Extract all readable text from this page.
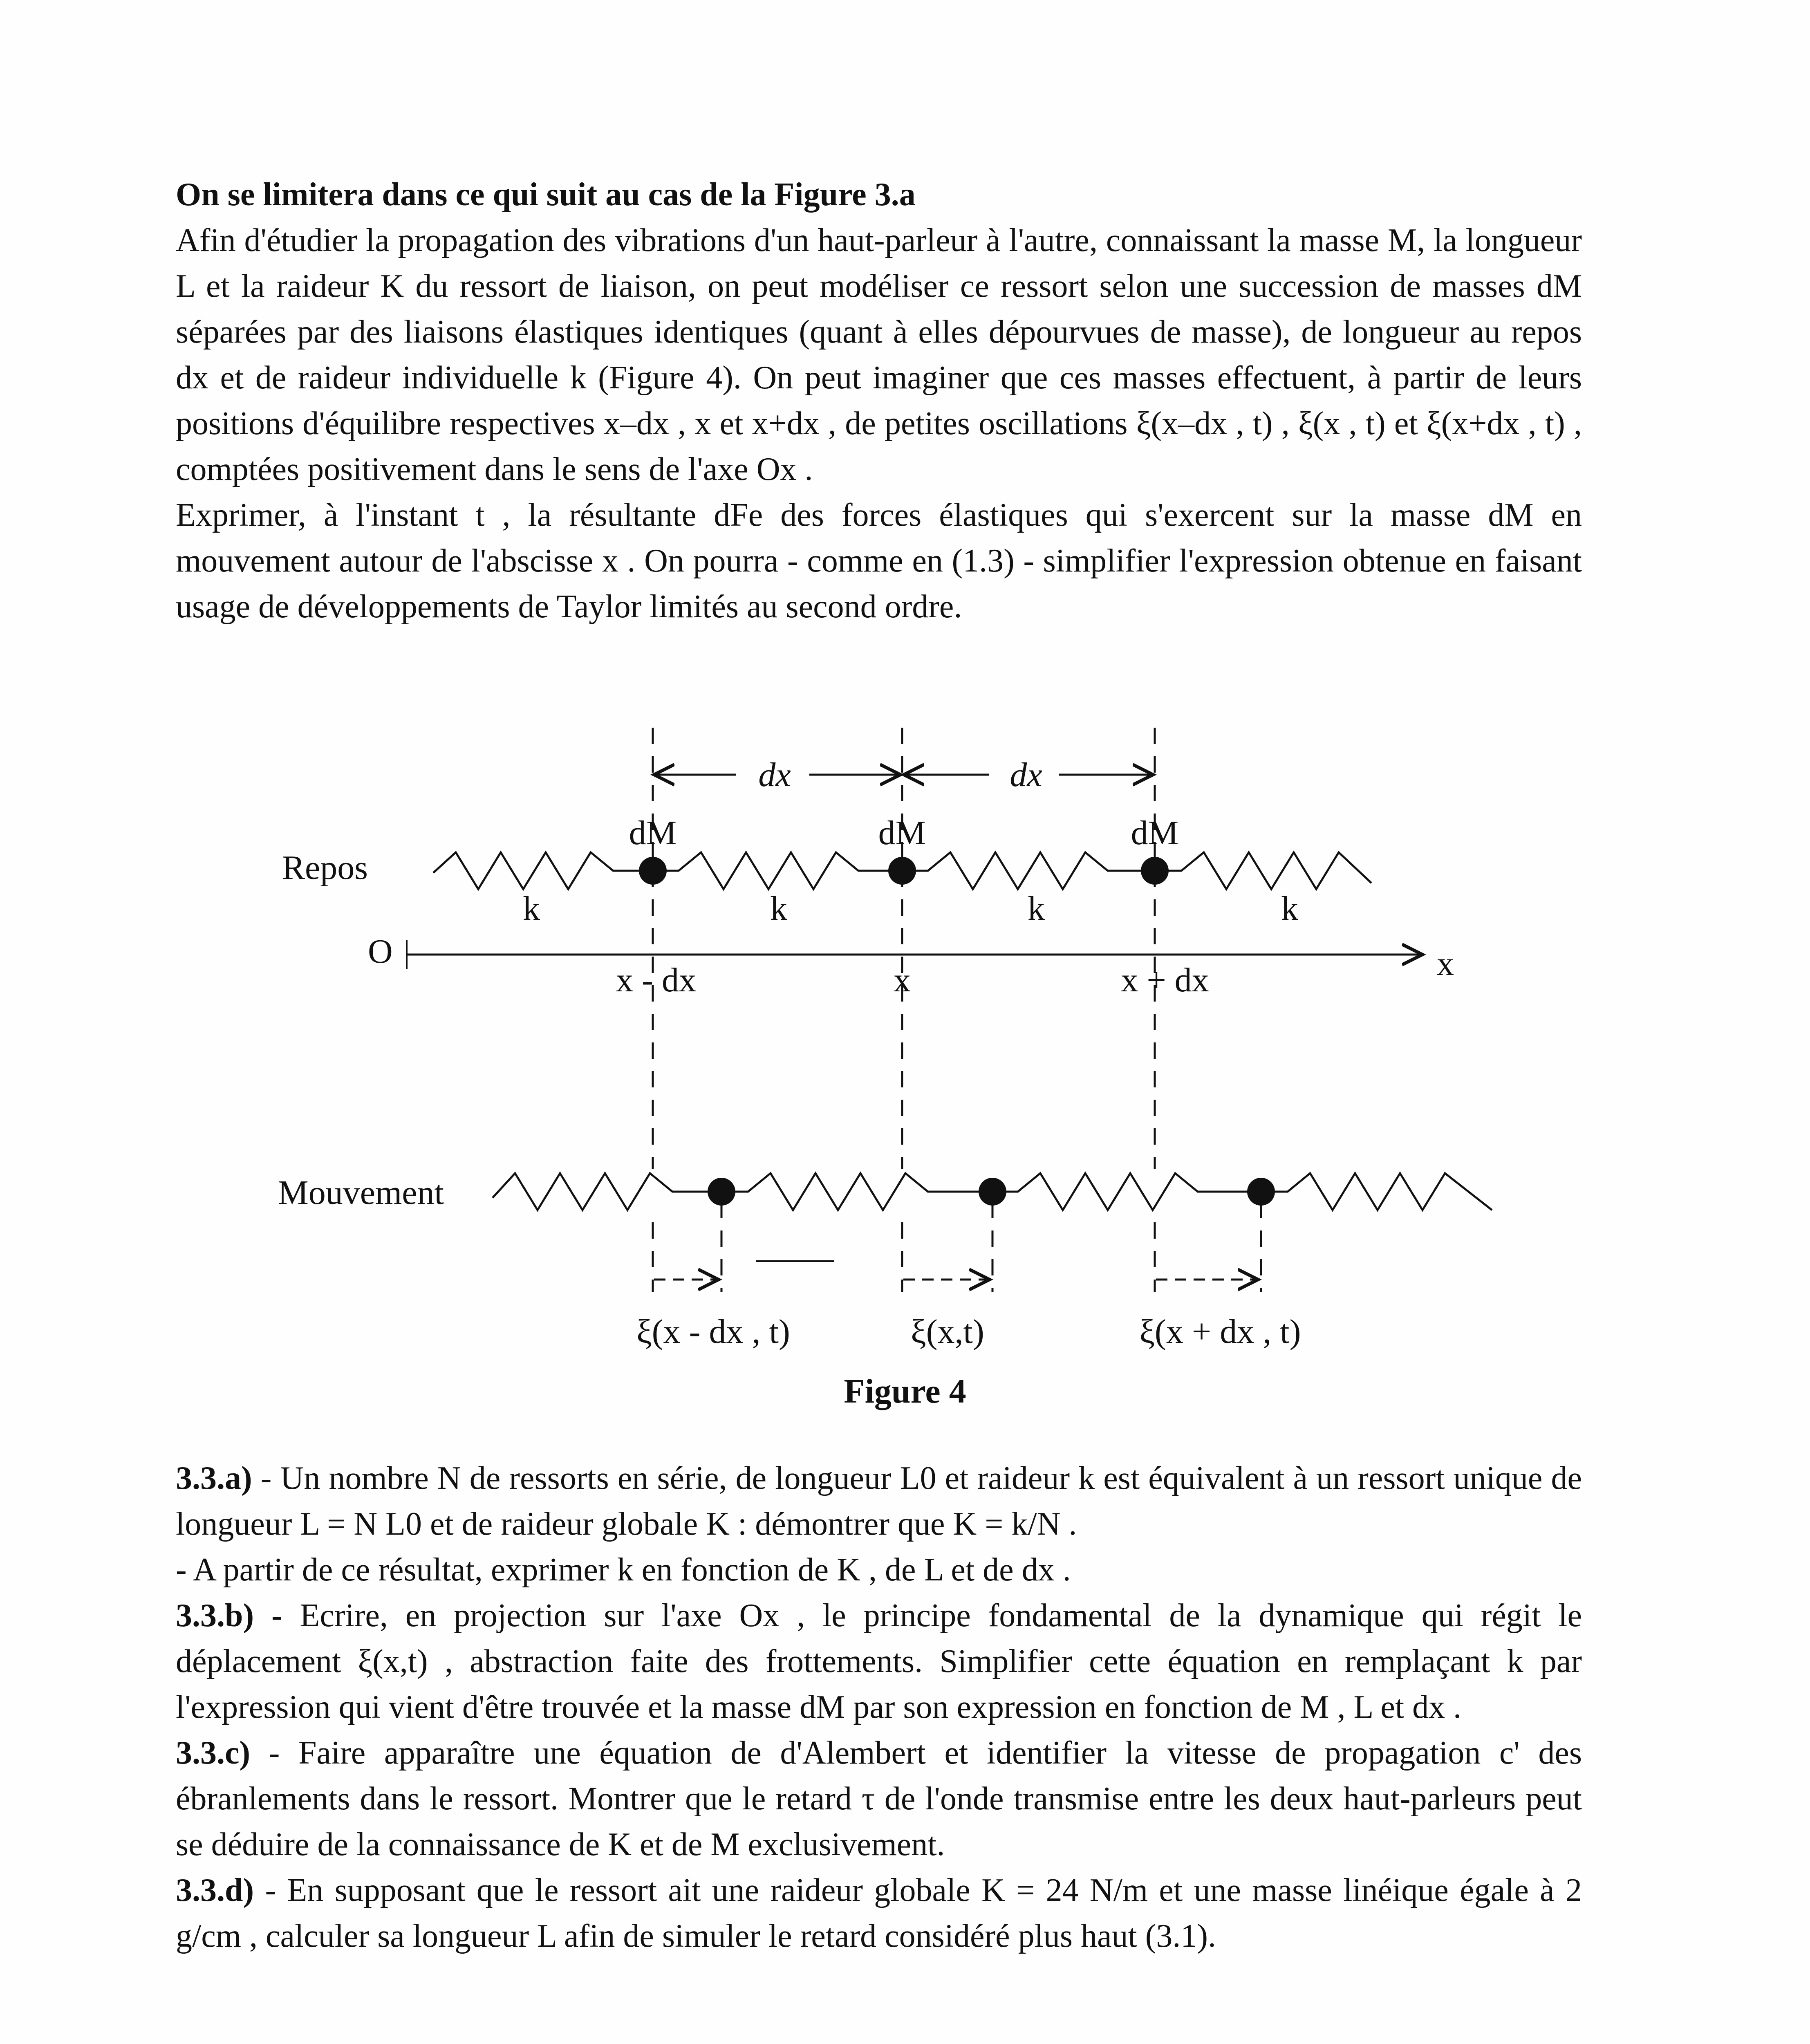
On se limitera dans ce qui suit au cas de la Figure 3.a

Afin d'étudier la propagation des vibrations d'un haut-parleur à l'autre, connaissant la masse M, la longueur L et la raideur K du ressort de liaison, on peut modéliser ce ressort selon une succession de masses dM séparées par des liaisons élastiques identiques (quant à elles dépourvues de masse), de longueur au repos dx et de raideur individuelle k (Figure 4). On peut imaginer que ces masses effectuent, à partir de leurs positions d'équilibre respectives x–dx , x et x+dx , de petites oscillations ξ(x–dx , t) , ξ(x , t) et ξ(x+dx , t) , comptées positivement dans le sens de l'axe Ox .

Exprimer, à l'instant t , la résultante dFe des forces élastiques qui s'exercent sur la masse dM en mouvement autour de l'abscisse x . On pourra - comme en (1.3) - simplifier l'expression obtenue en faisant usage de développements de Taylor limités au second ordre.

dx	dx
dM	dM	dM
Repos
k	k	k	k
O	x
x - dx	x	x + dx
Mouvement
ξ(x - dx , t)	ξ(x,t)	ξ(x + dx , t)
Figure 4

3.3.a) - Un nombre N de ressorts en série, de longueur L0 et raideur k est équivalent à un ressort unique de longueur L = N L0 et de raideur globale K : démontrer que K = k/N .

- A partir de ce résultat, exprimer k en fonction de K , de L et de dx .

3.3.b) - Ecrire, en projection sur l'axe Ox , le principe fondamental de la dynamique qui régit le déplacement ξ(x,t) , abstraction faite des frottements. Simplifier cette équation en remplaçant k par l'expression qui vient d'être trouvée et la masse dM par son expression en fonction de M , L et dx .

3.3.c) - Faire apparaître une équation de d'Alembert et identifier la vitesse de propagation c' des ébranlements dans le ressort. Montrer que le retard τ de l'onde transmise entre les deux haut-parleurs peut se déduire de la connaissance de K et de M exclusivement.

3.3.d) - En supposant que le ressort ait une raideur globale K = 24 N/m et une masse linéique égale à 2 g/cm , calculer sa longueur L afin de simuler le retard considéré plus haut (3.1).
